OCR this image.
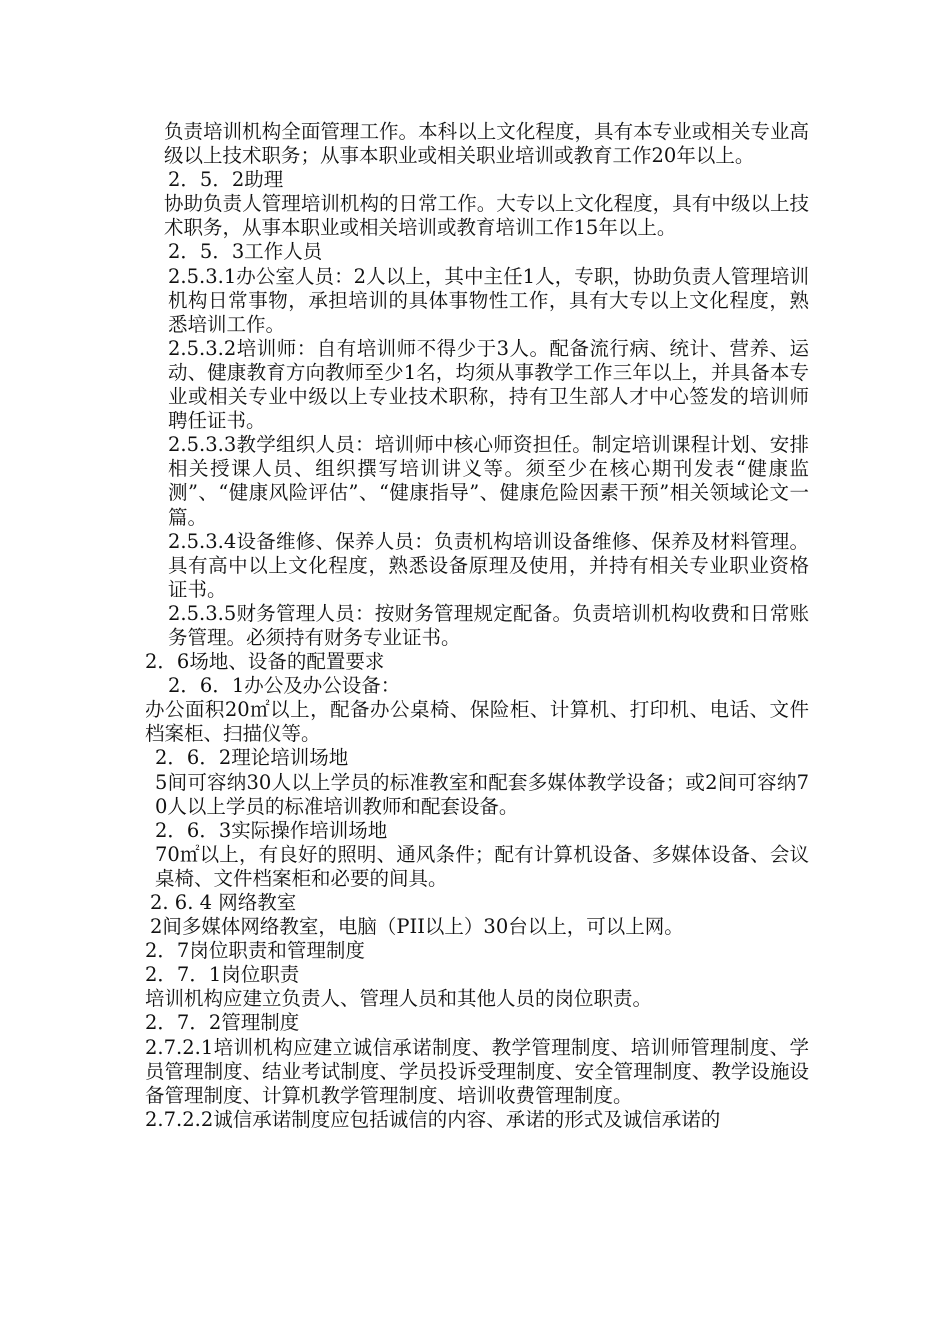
负责培训机构全面管理工作。本科以上文化程度，具有本专业或相关专业高级以上技术职务；从事本职业或相关职业培训或教育工作20年以上。

2．5．2助理

协助负责人管理培训机构的日常工作。大专以上文化程度，具有中级以上技术职务，从事本职业或相关培训或教育培训工作15年以上。

2．5．3工作人员

2.5.3.1办公室人员：2人以上，其中主任1人，专职，协助负责人管理培训机构日常事物，承担培训的具体事物性工作，具有大专以上文化程度，熟悉培训工作。

2.5.3.2培训师：自有培训师不得少于3人。配备流行病、统计、营养、运动、健康教育方向教师至少1名，均须从事教学工作三年以上，并具备本专业或相关专业中级以上专业技术职称，持有卫生部人才中心签发的培训师聘任证书。

2.5.3.3教学组织人员：培训师中核心师资担任。制定培训课程计划、安排相关授课人员、组织撰写培训讲义等。须至少在核心期刊发表“健康监测”、“健康风险评估”、“健康指导”、健康危险因素干预”相关领域论文一篇。

2.5.3.4设备维修、保养人员：负责机构培训设备维修、保养及材料管理。具有高中以上文化程度，熟悉设备原理及使用，并持有相关专业职业资格证书。

2.5.3.5财务管理人员：按财务管理规定配备。负责培训机构收费和日常账务管理。必须持有财务专业证书。

2．6场地、设备的配置要求

2．6．1办公及办公设备：

办公面积20㎡以上，配备办公桌椅、保险柜、计算机、打印机、电话、文件档案柜、扫描仪等。

2．6．2理论培训场地

5间可容纳30人以上学员的标准教室和配套多媒体教学设备；或2间可容纳70人以上学员的标准培训教师和配套设备。

2．6．3实际操作培训场地

70㎡以上，有良好的照明、通风条件；配有计算机设备、多媒体设备、会议桌椅、文件档案柜和必要的间具。

2. 6. 4 网络教室

2间多媒体网络教室，电脑（PII以上）30台以上，可以上网。

2．7岗位职责和管理制度

2．7．1岗位职责

培训机构应建立负责人、管理人员和其他人员的岗位职责。

2．7．2管理制度

2.7.2.1培训机构应建立诚信承诺制度、教学管理制度、培训师管理制度、学员管理制度、结业考试制度、学员投诉受理制度、安全管理制度、教学设施设备管理制度、计算机教学管理制度、培训收费管理制度。

2.7.2.2诚信承诺制度应包括诚信的内容、承诺的形式及诚信承诺的
